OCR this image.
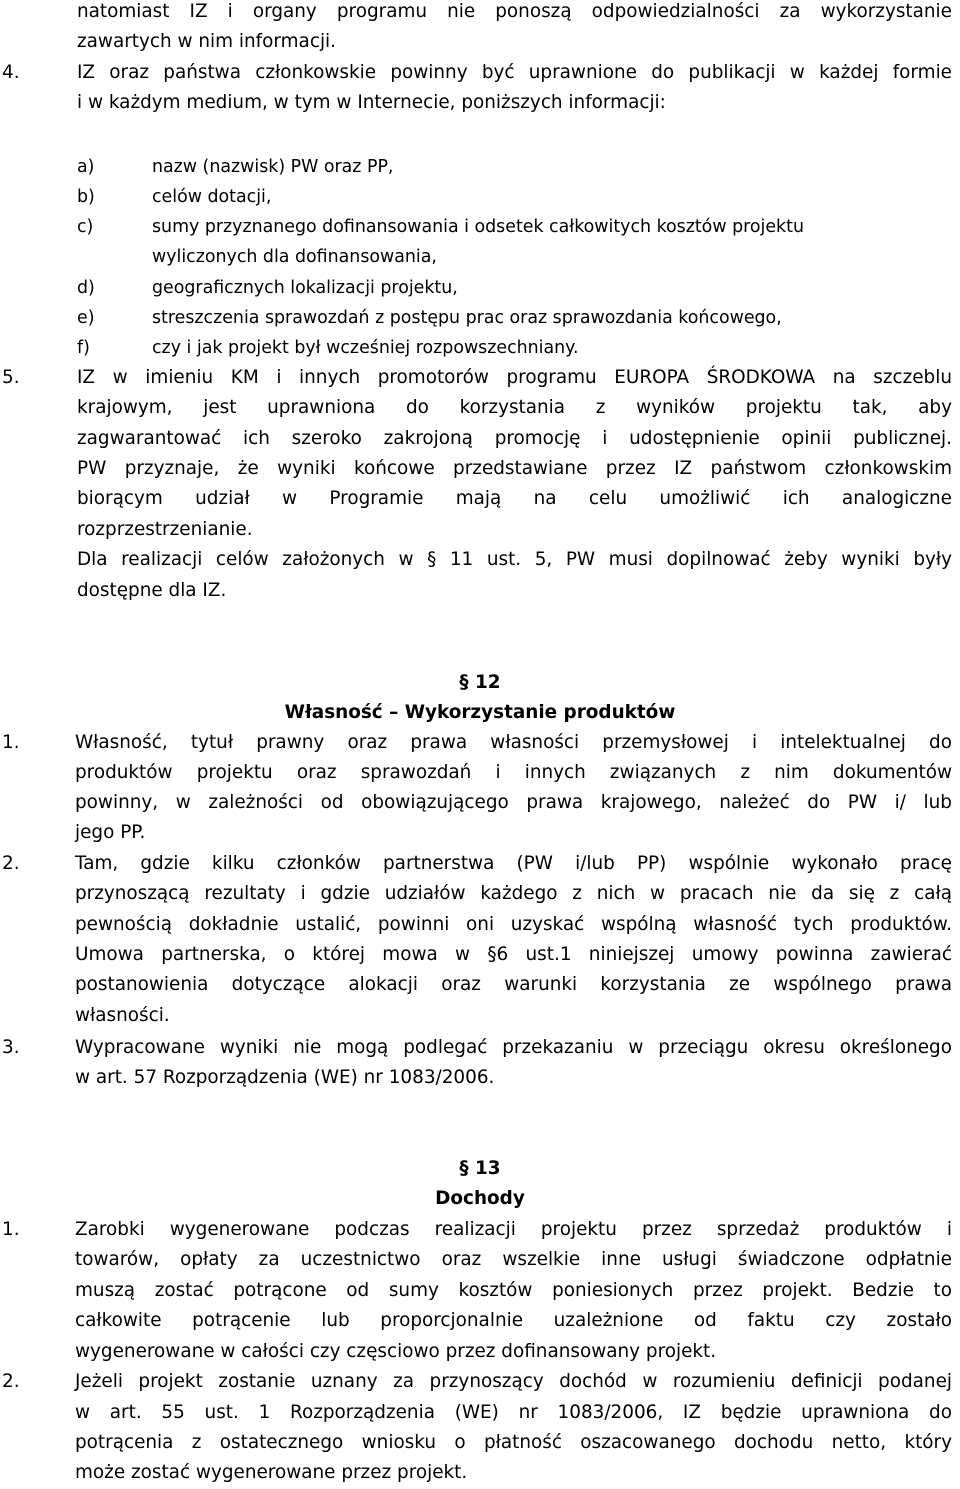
natomiast IZ i organy programu nie ponoszą odpowiedzialności za wykorzystanie
zawartych w nim informacji.
4.	IZ oraz państwa członkowskie powinny być uprawnione do publikacji w każdej formie
i w każdym medium, w tym w Internecie, poniższych informacji:
a)	nazw (nazwisk) PW oraz PP,
b)	celów dotacji,
c)	sumy przyznanego dofinansowania i odsetek całkowitych kosztów projektu
wyliczonych dla dofinansowania,
d)	geograficznych lokalizacji projektu,
e)	streszczenia sprawozdań z postępu prac oraz sprawozdania końcowego,
f)	czy i jak projekt był wcześniej rozpowszechniany.
5.	IZ w imieniu KM i innych promotorów programu EUROPA ŚRODKOWA na szczeblu
krajowym, jest uprawniona do korzystania z wyników projektu tak, aby
zagwarantować ich szeroko zakrojoną promocję i udostępnienie opinii publicznej.
PW przyznaje, że wyniki końcowe przedstawiane przez IZ państwom członkowskim
biorącym udział w Programie mają na celu umożliwić ich analogiczne
rozprzestrzenianie.
Dla realizacji celów założonych w § 11 ust. 5, PW musi dopilnować żeby wyniki były
dostępne dla IZ.
§ 12
Własność – Wykorzystanie produktów
1.	Własność, tytuł prawny oraz prawa własności przemysłowej i intelektualnej do
produktów projektu oraz sprawozdań i innych związanych z nim dokumentów
powinny, w zależności od obowiązującego prawa krajowego, należeć do PW i/ lub
jego PP.
2.	Tam, gdzie kilku członków partnerstwa (PW i/lub PP) wspólnie wykonało pracę
przynoszącą rezultaty i gdzie udziałów każdego z nich w pracach nie da się z całą
pewnością dokładnie ustalić, powinni oni uzyskać wspólną własność tych produktów.
Umowa partnerska, o której mowa w §6 ust.1 niniejszej umowy powinna zawierać
postanowienia dotyczące alokacji oraz warunki korzystania ze wspólnego prawa
własności.
3.	Wypracowane wyniki nie mogą podlegać przekazaniu w przeciągu okresu określonego
w art. 57 Rozporządzenia (WE) nr 1083/2006.
§ 13
Dochody
1.	Zarobki wygenerowane podczas realizacji projektu przez sprzedaż produktów i
towarów, opłaty za uczestnictwo oraz wszelkie inne usługi świadczone odpłatnie
muszą zostać potrącone od sumy kosztów poniesionych przez projekt. Bedzie to
całkowite potrącenie lub proporcjonalnie uzależnione od faktu czy zostało
wygenerowane w całości czy częsciowo przez dofinansowany projekt.
2.	Jeżeli projekt zostanie uznany za przynoszący dochód w rozumieniu definicji podanej
w art. 55 ust. 1 Rozporządzenia (WE) nr 1083/2006, IZ będzie uprawniona do
potrącenia z ostatecznego wniosku o płatność oszacowanego dochodu netto, który
może zostać wygenerowane przez projekt.
